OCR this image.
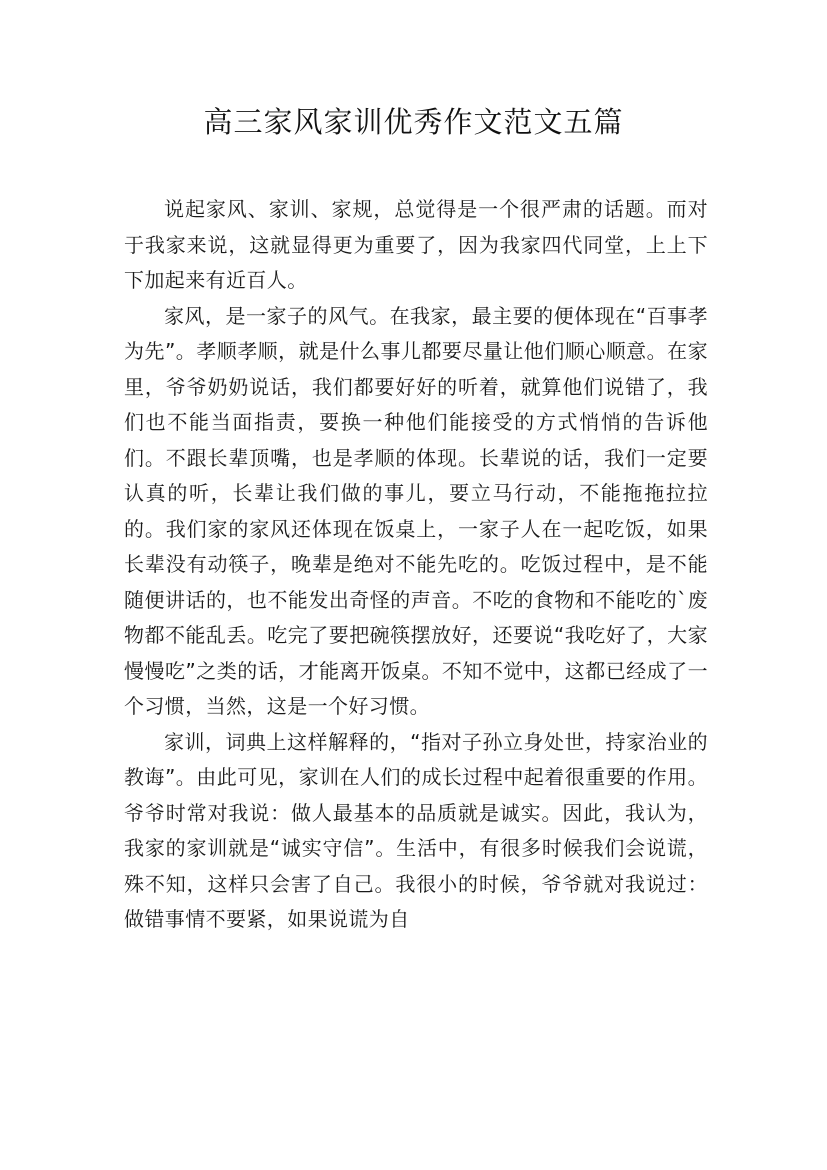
高三家风家训优秀作文范文五篇

说起家风、家训、家规，总觉得是一个很严肃的话题。而对于我家来说，这就显得更为重要了，因为我家四代同堂，上上下下加起来有近百人。

家风，是一家子的风气。在我家，最主要的便体现在“百事孝为先”。孝顺孝顺，就是什么事儿都要尽量让他们顺心顺意。在家里，爷爷奶奶说话，我们都要好好的听着，就算他们说错了，我们也不能当面指责，要换一种他们能接受的方式悄悄的告诉他们。不跟长辈顶嘴，也是孝顺的体现。长辈说的话，我们一定要认真的听，长辈让我们做的事儿，要立马行动，不能拖拖拉拉的。我们家的家风还体现在饭桌上，一家子人在一起吃饭，如果长辈没有动筷子，晚辈是绝对不能先吃的。吃饭过程中，是不能随便讲话的，也不能发出奇怪的声音。不吃的食物和不能吃的`废物都不能乱丢。吃完了要把碗筷摆放好，还要说“我吃好了，大家慢慢吃”之类的话，才能离开饭桌。不知不觉中，这都已经成了一个习惯，当然，这是一个好习惯。

家训，词典上这样解释的，“指对子孙立身处世，持家治业的教诲”。由此可见，家训在人们的成长过程中起着很重要的作用。爷爷时常对我说：做人最基本的品质就是诚实。因此，我认为，我家的家训就是“诚实守信”。生活中，有很多时候我们会说谎，殊不知，这样只会害了自己。我很小的时候，爷爷就对我说过：做错事情不要紧，如果说谎为自
